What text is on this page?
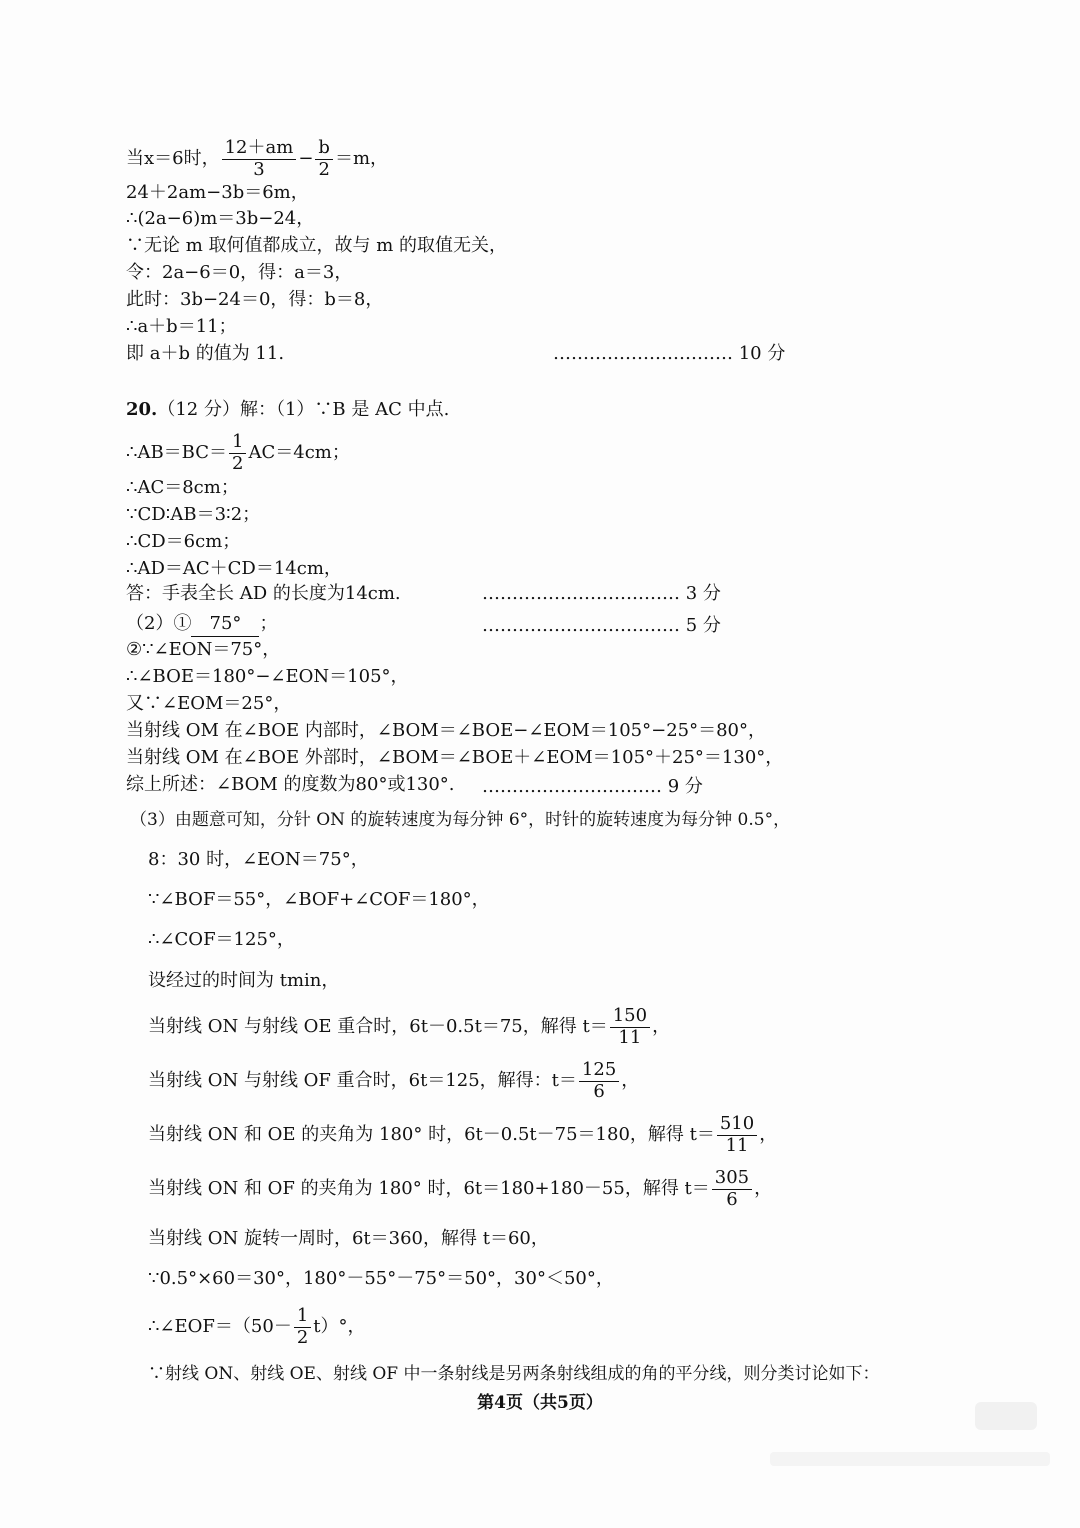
当x＝6时， $\frac{12+am}{3} - \frac{b}{2} =m$，
24＋2am−3b＝6m，
∴(2a−6)m＝3b−24，
∵无论 m 取何值都成立，故与 m 的取值无关，
令：2a−6＝0，得：a＝3，
此时：3b−24＝0，得：b＝8，
∴a＋b＝11；
即 a＋b 的值为 11.	………………………… 10 分
20.（12 分）解：（1）∵B 是 AC 中点.
∴AB＝BC＝ $\frac{1}{2} AC=4cm$；
∴AC＝8cm；
∵CD∶AB＝3∶2；
∴CD＝6cm；
∴AD＝AC＋CD＝14cm，
答：手表全长 AD 的长度为14cm.	…………………………… 3 分
（2）① 75° ；	…………………………… 5 分
②∵∠EON＝75°，
∴∠BOE＝180°−∠EON＝105°，
又∵∠EOM＝25°，
当射线 OM 在∠BOE 内部时，∠BOM＝∠BOE−∠EOM＝105°−25°＝80°，
当射线 OM 在∠BOE 外部时，∠BOM＝∠BOE＋∠EOM＝105°＋25°＝130°，
综上所述：∠BOM 的度数为80°或130°. ………………………… 9 分
（3）由题意可知，分针 ON 的旋转速度为每分钟 6°，时针的旋转速度为每分钟 0.5°，
8：30 时，∠EON＝75°，
∵∠BOF＝55°，∠BOF+∠COF＝180°，
∴∠COF＝125°，
设经过的时间为 tmin，
当射线 ON 与射线 OE 重合时，6t－0.5t＝75，解得 $t= \frac{150}{11}$ ，
当射线 ON 与射线 OF 重合时，6t＝125，解得：$t= \frac{125}{6}$ ，
当射线 ON 和 OE 的夹角为 180° 时，6t－0.5t－75＝180，解得 $t= \frac{510}{11}$ ，
当射线 ON 和 OF 的夹角为 180° 时，6t＝180+180－55，解得 $t= \frac{305}{6}$ ，
当射线 ON 旋转一周时，6t＝360，解得 t＝60，
∵0.5°×60＝30°，180°－55°－75°＝50°，30°＜50°，
∴∠EOF＝（50－ $\frac{1}{2} t)^\circ$，
∵射线 ON、射线 OE、射线 OF 中一条射线是另两条射线组成的角的平分线，则分类讨论如下：
第4页（共5页）
